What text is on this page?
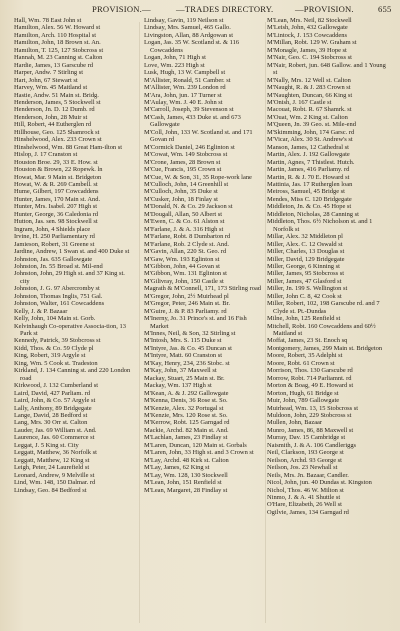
PROVISION.—	—TRADES DIRECTORY.	—PROVISION.	655

Hall, Wm. 78 East John st

Hamilton, Alex. 56 W. Howard st

Hamilton, Arch. 110 Hospital st

Hamilton, John, 18 Brown st. An.

Hamilton, T. 125, 127 Stobcross st

Hannah, M. 23 Canning st. Calton

Hardie, James, 13 Garscube rd

Harper, Andw. 7 Stirling st

Hart, John, 67 Stewart st

Harvey, Wm. 45 Maitland st

Hastie, Andw. 51 Main st. Bridg.

Henderson, James, 5 Stockwell st

Henderson, Jn. D. 12 Dumb. rd

Henderson, John, 28 Muir st

Hill, Robert, 44 Eutherglen rd

Hillhouse, Geo. 125 Shamrock st

Hinshelwood, Alex. 233 Crown st

Hinshelwood, Wm. 88 Great Ham-ilton st

Hislop, J. 17 Cranston st

Houston Broe. 29, 33 E. How. st

Houston & Brown, 22 Ropewk. ln

Howat, Mar. 9 Main st. Bridgeton

Howat, W. & R. 269 Cambell. st

Hume, Gilbert, 197 Cowcaddens

Hunter, James, 170 Main st. And.

Hunter, Mrs. Isabel. 207 High st

Hunter, George, 36 Caledonia rd

Hutton, Jas. sen. 98 Stockwell st

Ingram, John, 4 Shields place

Irvine, H. 250 Parliamentary rd

Jamieson, Robert, 31 Greene st

Jardine, Andrew, 1 Swan st. and 400 Duke st

Johnston, Jas. 635 Gallowgate

Johnston, Jn. 55 Broad st. Mil-end

Johnston, John, 29 High st. and 37 King st. city

Johnston, J. G. 97 Abercromby st

Johnston, Thomas Inglis, 751 Gal.

Johnston, Walter, 161 Cowcaddens

Kelly, J. & P. Bazaar

Kelly, John, 104 Main st. Gorb.

Kelvinhaugh Co-operative Associa-tion, 13 Park st

Kennedy, Patrick, 39 Stobcross st

Kidd, Thos. & Co. 59 Clyde pl

King, Robert, 319 Argyle st

King, Wm. 5 Cook st. Tradeston

Kirkland, J. 134 Canning st. and 220 London road

Kirkwood, J. 132 Cumberland st

Laird, David, 427 Parliam. rd

Laird, John, & Co. 57 Argyle st

Lally, Anthony, 89 Bridgegate

Lange, David, 28 Bedford st

Lang, Mrs. 30 Orr st. Calton

Lauder, Jas. 69 William st. And.

Laurence, Jas. 60 Commerce st

Leggat, J. 5 King st. City

Leggatt, Matthew, 36 Norfolk st

Leggatt, Matthew, 12 King st

Leigh, Peter, 24 Laurefield st

Leonard, Andrew, 9 Melville st

Lind, Wm. 148, 150 Dalmar. rd

Lindsay, Geo. 84 Bedford st

Lindsay, Gavin, 119 Neilson st

Lindsay, Mrs. Samuel, 465 Gallo.

Livingston, Allan, 88 Ardgowan st

Logan, Jas. 35 W. Scotland st. & 116 Cowcaddens

Logan, John, 71 High st

Love, Wm. 223 High st

Lusk, Hugh, 13 W. Campbell st

M'Allister, Ronald, 51 Camber. st

M'Allister, Wm. 239 London rd

M'Ara, John, jun. 17 Turner st

M'Aulay, Wm. J. 40 E. John st

M'Carroll, Joseph, 39 Stevenson st

M'Cash, James, 433 Duke st. and 673 Gallowgate

M'Coll, John, 133 W. Scotland st. and 171 Govan rd

M'Cormick Daniel, 246 Eglinton st

M'Cowat, Wm. 149 Stobcross st

M'Crone, James, 28 Brown st

M'Cue, Francis, 195 Crown st

M'Cue, W. & Son, 31, 35 Rope-work lane

M'Culloch, John, 14 Greenhill st

M'Culloch, John, 35 Duke st

M'Cusker, John, 18 Finlay st

M'Donald, N. & Co. 29 Jackson st

M'Dougall, Allan, 50 Albert st

M'Ewen, C. & Co. 61 Alston st

M'Farlane, J. & A. 316 High st

M'Farlane, Robt. 8 Dumbarton rd

M'Farlane, Rob. 2 Clyde st. And.

M'Gavin, Allan, 220 St. Geo. rd

M'Gaw, Wm. 193 Eglinton st

M'Gibbon, John, 44 Govan st

M'Gibbon, Wm. 131 Eglinton st

M'Gilivray, John, 150 Castle st

Magrath & M'Connell, 171, 173 Stirling road

M'Gregor, John, 2½ Muirhead pl

M'Gregor, Peter, 246 Main st. Br.

M'Guire, J. & P. 83 Parliamy. rd

M'Inerny, Jo. 31 Prince's st. and 16 Fish Market

M'Innes, Neil, & Son, 32 Stirling st

M'Intosh, Mrs. S. 115 Duke st

M'Intyre, Jas. & Co. 45 Duncan st

M'Intyre, Matt. 60 Cranston st

M'Kay, Henry, 234, 236 Stobc. st

M'Kay, John, 37 Maxwell st

Mackay, Stuart, 25 Main st. Br.

Mackay, Wm. 137 High st

M'Kean, A. & J. 292 Gallowgate

M'Kenna, Denis, 36 Rose st. So.

M'Kenzie, Alex. 32 Portugal st

M'Kenzie, Mrs. 120 Rose st. So.

M'Kerrow, Robt. 125 Garngad rd

Mackie, Archd. 82 Main st. And.

M'Lachlan, James, 23 Findlay st

M'Laren, Duncan, 120 Main st. Gorbals

M'Laren, John, 33 High st. and 3 Crown st

M'Lay, Archd. 48 Kirk st. Calton

M'Lay, James, 62 King st

M'Lay, Wm. 128, 130 Stockwell

M'Lean, John, 151 Renfield st

M'Lean, Margaret, 28 Findlay st

M'Lean, Mrs. Neil, 82 Stockwell

M'Leish, John, 432 Gallowgate

M'Lintock, J. 153 Cowcaddens

M'Millan, Robt. 129 W. Graham st

M'Monagle, James, 39 Hope st

M'Nair, Geo. C. 194 Stobcross st

M'Nair, Robert, jun. 648 Gallow. and 1 Young st

M'Nally, Mrs. 12 Well st. Calton

M'Naught, R. & J. 283 Crown st

M'Naughten, Duncan, 66 King st

M'Onish, J. 167 Castle st

Macouat, Robt. R. 67 Shamrk. st

M'Ouat, Wm. 2 King st. Calton

M'Queen, Jn. 39 Geo. st. Mile-end

M'Skimming, John, 174 Garsc. rd

M'Vicar, Alex. 30 St. Andrew's st

Manson, James, 12 Cathedral st

Martin, Alex. J. 192 Gallowgate

Martin, Agnes, 7 Thistlest. Hutch.

Martin, James, 416 Parliamy. rd

Martin, R. & J. 70 E. Howard st

Mattinia, Jas. 17 Rutherglen loan

Meiross, Samuel, 45 Bridge st

Mendes, Miss C. 120 Bridgegate

Middleton, Jn. & Co. 45 Hope st

Middleton, Nicholas, 28 Canning st

Middleton, Thos. 6½ Nicholson st. and 1 Norfolk st

Millar, Alex. 32 Middleton pl

Miller, Alex. C. 12 Oswald st

Miller, Charles, 13 Douglas st

Miller, David, 129 Bridgegate

Miller, George, 6 Kinning st

Miller, James, 95 Stobcross st

Miller, James, 47 Glasford st

Miller, Jn. 199 S. Wellington st

Miller, John C. 8, 42 Cook st

Miller, Robert, 102, 198 Garscube rd. and 7 Clyde st. Pt.-Dundas

Milne, John, 125 Renfield st

Mitchell, Robt. 160 Cowcaddens and 60½ Maitland st

Moffat, James, 23 St. Enoch sq

Montgomery, James, 299 Main st. Bridgeton

Moore, Robert, 35 Adelphi st

Moore, Robt. 61 Crown st

Morrison, Thos. 130 Garscube rd

Morrow, Robt. 714 Parliamnt. rd

Morton & Boag, 49 E. Howard st

Morton, Hugh, 61 Bridge st

Muir, John, 789 Gallowgate

Muirhead, Wm. 13, 15 Stobcross st

Muldoon, John, 229 Stobcross st

Mullen, John, Bazaar

Munro, James, 86, 88 Maxwell st

Murray, Dav. 15 Cambridge st

Naismith, J. & A. 106 Candleriggs

Neil, Clarkson, 193 George st

Neilson, Archd. 93 George st

Neilson, Jos. 23 Newhall st

Neils, Mrs. Jn. Bazaar, Candler.

Nicol, John, jun. 40 Dundas st. Kingston

Nichol, Thos. 46 W. Milton st

Ninmo, J. & A. 41 Shuttle st

O'Hare, Elizabeth, 26 Well st

Ogilvie, James, 134 Garngad rd
